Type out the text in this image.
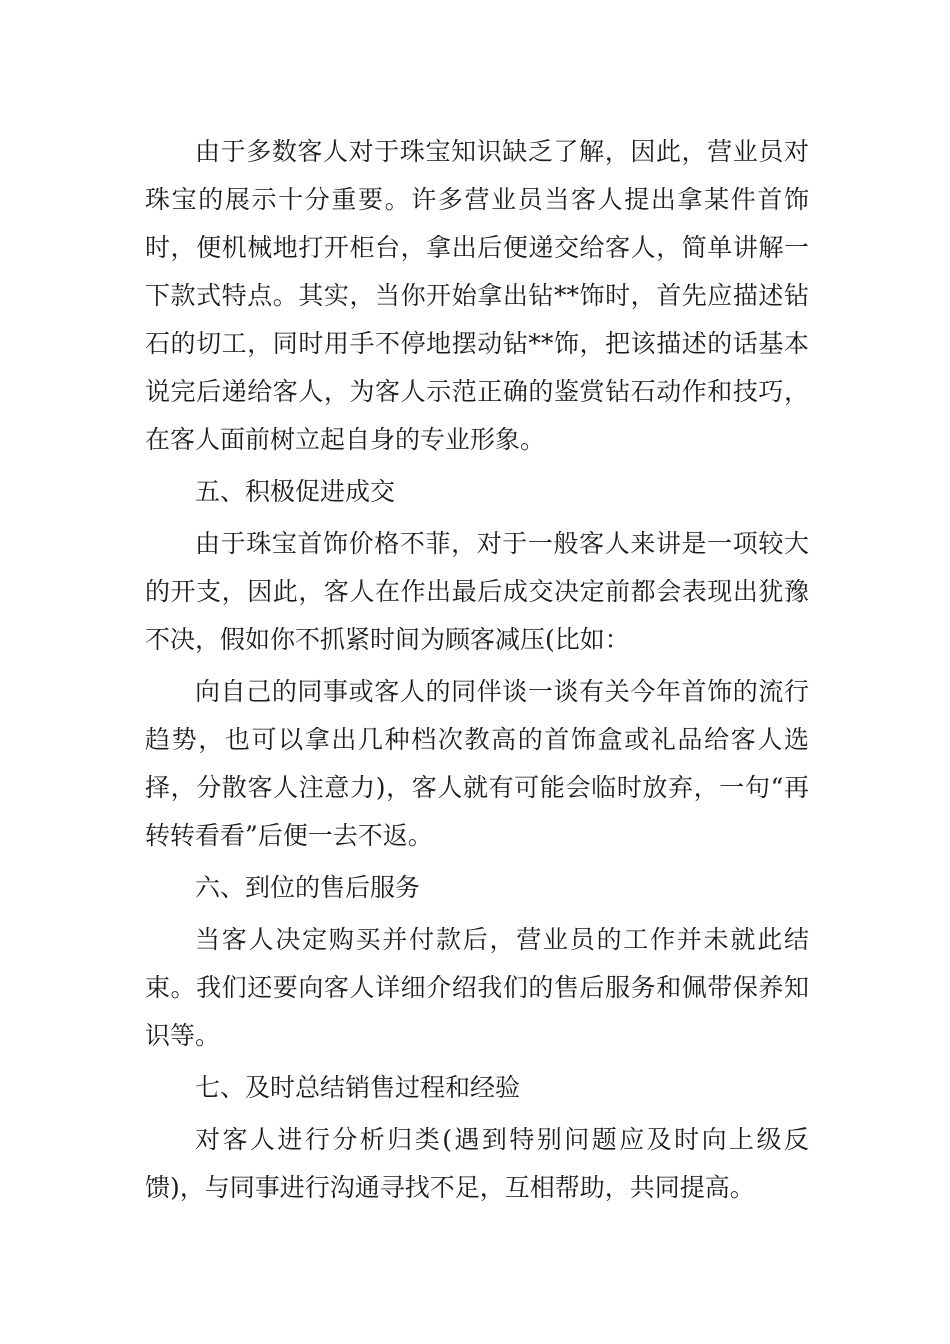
由于多数客人对于珠宝知识缺乏了解，因此，营业员对珠宝的展示十分重要。许多营业员当客人提出拿某件首饰时，便机械地打开柜台，拿出后便递交给客人，简单讲解一下款式特点。其实，当你开始拿出钻**饰时，首先应描述钻石的切工，同时用手不停地摆动钻**饰，把该描述的话基本说完后递给客人，为客人示范正确的鉴赏钻石动作和技巧，在客人面前树立起自身的专业形象。

五、积极促进成交

由于珠宝首饰价格不菲，对于一般客人来讲是一项较大的开支，因此，客人在作出最后成交决定前都会表现出犹豫不决，假如你不抓紧时间为顾客减压(比如：

向自己的同事或客人的同伴谈一谈有关今年首饰的流行趋势，也可以拿出几种档次教高的首饰盒或礼品给客人选择，分散客人注意力)，客人就有可能会临时放弃，一句“再转转看看”后便一去不返。

六、到位的售后服务

当客人决定购买并付款后，营业员的工作并未就此结束。我们还要向客人详细介绍我们的售后服务和佩带保养知识等。

七、及时总结销售过程和经验

对客人进行分析归类(遇到特别问题应及时向上级反馈)，与同事进行沟通寻找不足，互相帮助，共同提高。
